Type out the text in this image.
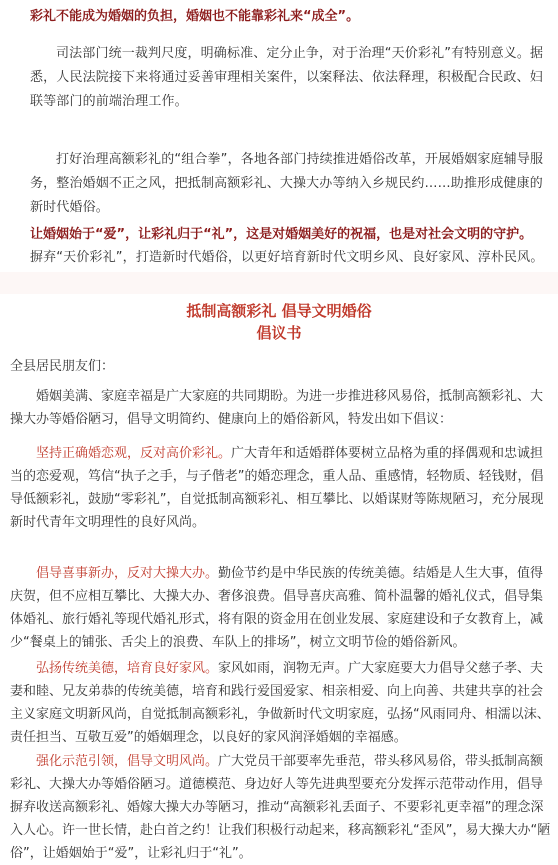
彩礼不能成为婚姻的负担，婚姻也不能靠彩礼来“成全”。

司法部门统一裁判尺度，明确标准、定分止争，对于治理“天价彩礼”有特别意义。据悉，人民法院接下来将通过妥善审理相关案件，以案释法、依法释理，积极配合民政、妇联等部门的前端治理工作。

打好治理高额彩礼的“组合拳”，各地各部门持续推进婚俗改革，开展婚姻家庭辅导服务，整治婚姻不正之风，把抵制高额彩礼、大操大办等纳入乡规民约……助推形成健康的新时代婚俗。

让婚姻始于“爱”，让彩礼归于“礼”，这是对婚姻美好的祝福，也是对社会文明的守护。

摒弃“天价彩礼”，打造新时代婚俗，以更好培育新时代文明乡风、良好家风、淳朴民风。

抵制高额彩礼 倡导文明婚俗

倡议书

全县居民朋友们：

婚姻美满、家庭幸福是广大家庭的共同期盼。为进一步推进移风易俗，抵制高额彩礼、大操大办等婚俗陋习，倡导文明简约、健康向上的婚俗新风，特发出如下倡议：

坚持正确婚恋观，反对高价彩礼。广大青年和适婚群体要树立品格为重的择偶观和忠诚担当的恋爱观，笃信“执子之手，与子偕老”的婚恋理念，重人品、重感情，轻物质、轻钱财，倡导低额彩礼，鼓励“零彩礼”，自觉抵制高额彩礼、相互攀比、以婚谋财等陈规陋习，充分展现新时代青年文明理性的良好风尚。

倡导喜事新办，反对大操大办。勤俭节约是中华民族的传统美德。结婚是人生大事，值得庆贺，但不应相互攀比、大操大办、奢侈浪费。倡导喜庆高雅、简朴温馨的婚礼仪式，倡导集体婚礼、旅行婚礼等现代婚礼形式，将有限的资金用在创业发展、家庭建设和子女教育上，减少“餐桌上的铺张、舌尖上的浪费、车队上的排场”，树立文明节俭的婚俗新风。

弘扬传统美德，培育良好家风。家风如雨，润物无声。广大家庭要大力倡导父慈子孝、夫妻和睦、兄友弟恭的传统美德，培育和践行爱国爱家、相亲相爱、向上向善、共建共享的社会主义家庭文明新风尚，自觉抵制高额彩礼，争做新时代文明家庭，弘扬“风雨同舟、相濡以沫、责任担当、互敬互爱”的婚姻理念，以良好的家风润泽婚姻的幸福感。

强化示范引领，倡导文明风尚。广大党员干部要率先垂范，带头移风易俗，带头抵制高额彩礼、大操大办等婚俗陋习。道德模范、身边好人等先进典型要充分发挥示范带动作用，倡导摒弃收送高额彩礼、婚嫁大操大办等陋习，推动“高额彩礼丢面子、不要彩礼更幸福”的理念深入人心。许一世长情，赴白首之约！让我们积极行动起来，移高额彩礼“歪风”，易大操大办“陋俗”，让婚姻始于“爱”，让彩礼归于“礼”。
